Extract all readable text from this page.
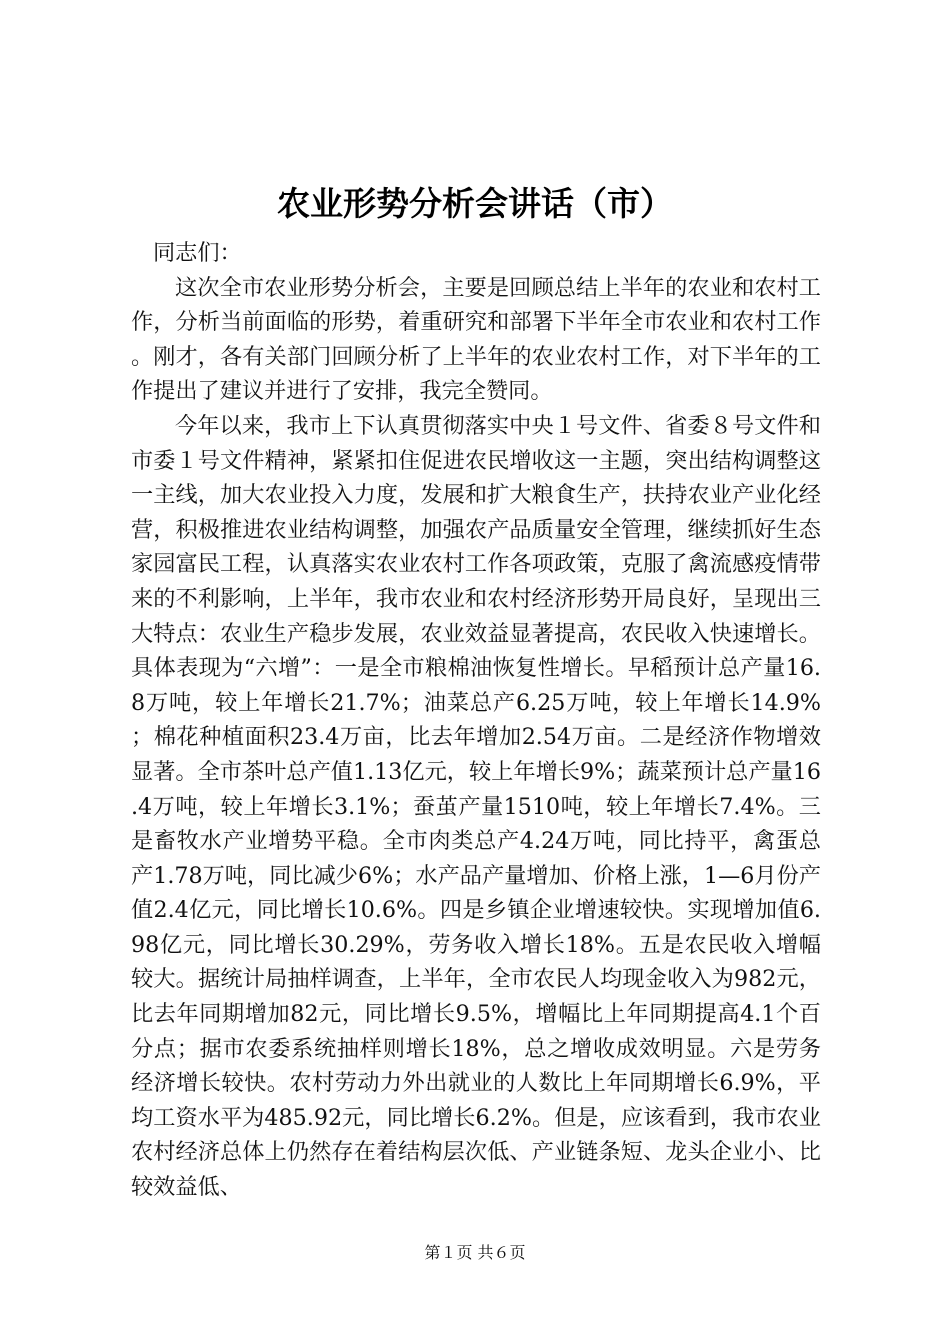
农业形势分析会讲话（市）

同志们：

这次全市农业形势分析会，主要是回顾总结上半年的农业和农村工作，分析当前面临的形势，着重研究和部署下半年全市农业和农村工作。刚才，各有关部门回顾分析了上半年的农业农村工作，对下半年的工作提出了建议并进行了安排，我完全赞同。

今年以来，我市上下认真贯彻落实中央１号文件、省委８号文件和市委１号文件精神，紧紧扣住促进农民增收这一主题，突出结构调整这一主线，加大农业投入力度，发展和扩大粮食生产，扶持农业产业化经营，积极推进农业结构调整，加强农产品质量安全管理，继续抓好生态家园富民工程，认真落实农业农村工作各项政策，克服了禽流感疫情带来的不利影响，上半年，我市农业和农村经济形势开局良好，呈现出三大特点：农业生产稳步发展，农业效益显著提高，农民收入快速增长。具体表现为“六增”：一是全市粮棉油恢复性增长。早稻预计总产量16.8万吨，较上年增长21.7%；油菜总产6.25万吨，较上年增长14.9%；棉花种植面积23.4万亩，比去年增加2.54万亩。二是经济作物增效显著。全市茶叶总产值1.13亿元，较上年增长9%；蔬菜预计总产量16.4万吨，较上年增长3.1%；蚕茧产量1510吨，较上年增长7.4%。三是畜牧水产业增势平稳。全市肉类总产4.24万吨，同比持平，禽蛋总产1.78万吨，同比减少6%；水产品产量增加、价格上涨，1—6月份产值2.4亿元，同比增长10.6%。四是乡镇企业增速较快。实现增加值6.98亿元，同比增长30.29%，劳务收入增长18%。五是农民收入增幅较大。据统计局抽样调查，上半年，全市农民人均现金收入为982元，比去年同期增加82元，同比增长9.5%，增幅比上年同期提高4.1个百分点；据市农委系统抽样则增长18%，总之增收成效明显。六是劳务经济增长较快。农村劳动力外出就业的人数比上年同期增长6.9%，平均工资水平为485.92元，同比增长6.2%。但是，应该看到，我市农业农村经济总体上仍然存在着结构层次低、产业链条短、龙头企业小、比较效益低、

第１页 共６页
